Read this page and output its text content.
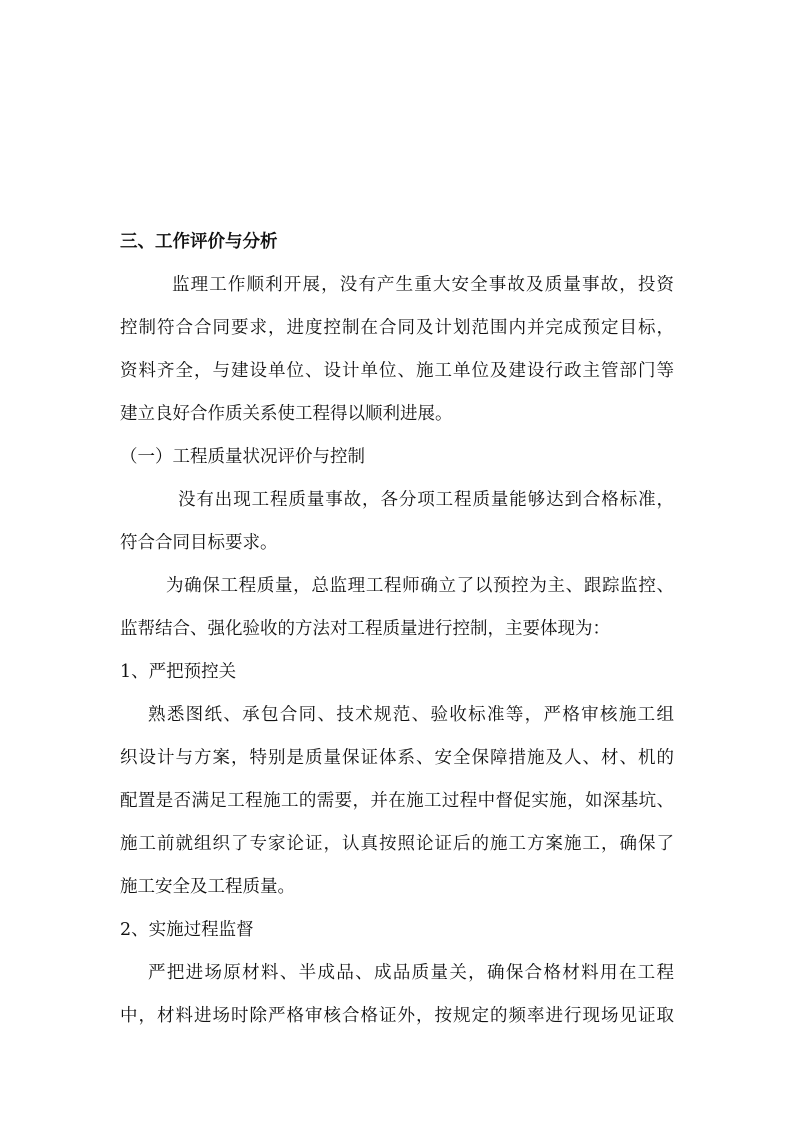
三、工作评价与分析
监理工作顺利开展，没有产生重大安全事故及质量事故，投资
控制符合合同要求，进度控制在合同及计划范围内并完成预定目标，
资料齐全，与建设单位、设计单位、施工单位及建设行政主管部门等
建立良好合作质关系使工程得以顺利进展。
（一）工程质量状况评价与控制
没有出现工程质量事故，各分项工程质量能够达到合格标准，
符合合同目标要求。
为确保工程质量，总监理工程师确立了以预控为主、跟踪监控、
监帮结合、强化验收的方法对工程质量进行控制，主要体现为：
1、严把预控关
熟悉图纸、承包合同、技术规范、验收标准等，严格审核施工组
织设计与方案，特别是质量保证体系、安全保障措施及人、材、机的
配置是否满足工程施工的需要，并在施工过程中督促实施，如深基坑、
施工前就组织了专家论证，认真按照论证后的施工方案施工，确保了
施工安全及工程质量。
2、实施过程监督
严把进场原材料、半成品、成品质量关，确保合格材料用在工程
中，材料进场时除严格审核合格证外，按规定的频率进行现场见证取
